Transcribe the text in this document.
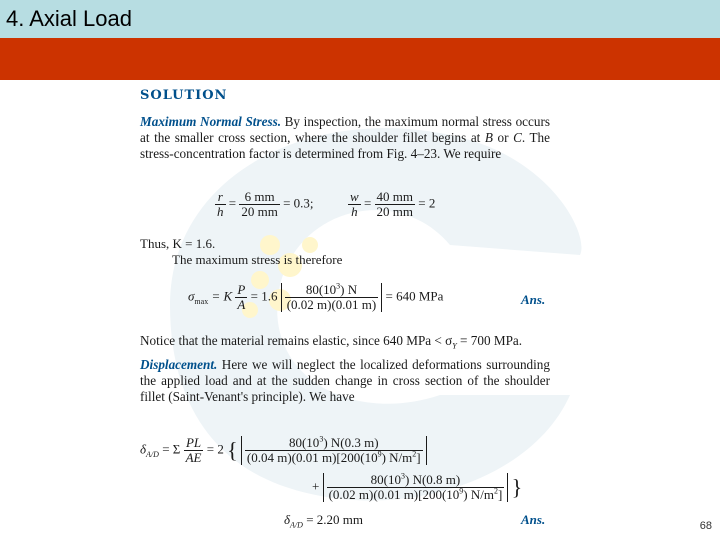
4. Axial Load
SOLUTION

Maximum Normal Stress. By inspection, the maximum normal stress occurs at the smaller cross section, where the shoulder fillet begins at B or C. The stress-concentration factor is determined from Fig. 4–23. We require

$\frac{r}{h} = \frac{6 mm}{20 mm} = 0.3$;	$\frac{w}{h} = \frac{40 mm}{20 mm} = 2$
Thus, K = 1.6.
The maximum stress is therefore
$\sigma_{max} = K \frac{P}{A} = 1.6 \frac{80(10^3) N}{(0.02 m)(0.01 m)} = 640$ MPa	Ans.

Notice that the material remains elastic, since 640 MPa < $\sigma_Y = 700$ MPa.

Displacement. Here we will neglect the localized deformations surrounding the applied load and at the sudden change in cross section of the shoulder fillet (Saint-Venant's principle). We have

$\delta_{A/D} = \Sigma \frac{PL}{AE} = 2$ { $\frac{80(10^3) N(0.3 m)}{(0.04 m)(0.01 m)[200(10^9) N/m^2]}$
+ $\frac{80(10^3) N(0.8 m)}{(0.02 m)(0.01 m)[200(10^9) N/m^2]}$ }
$\delta_{A/D} = 2.20$ mm	Ans.	68
